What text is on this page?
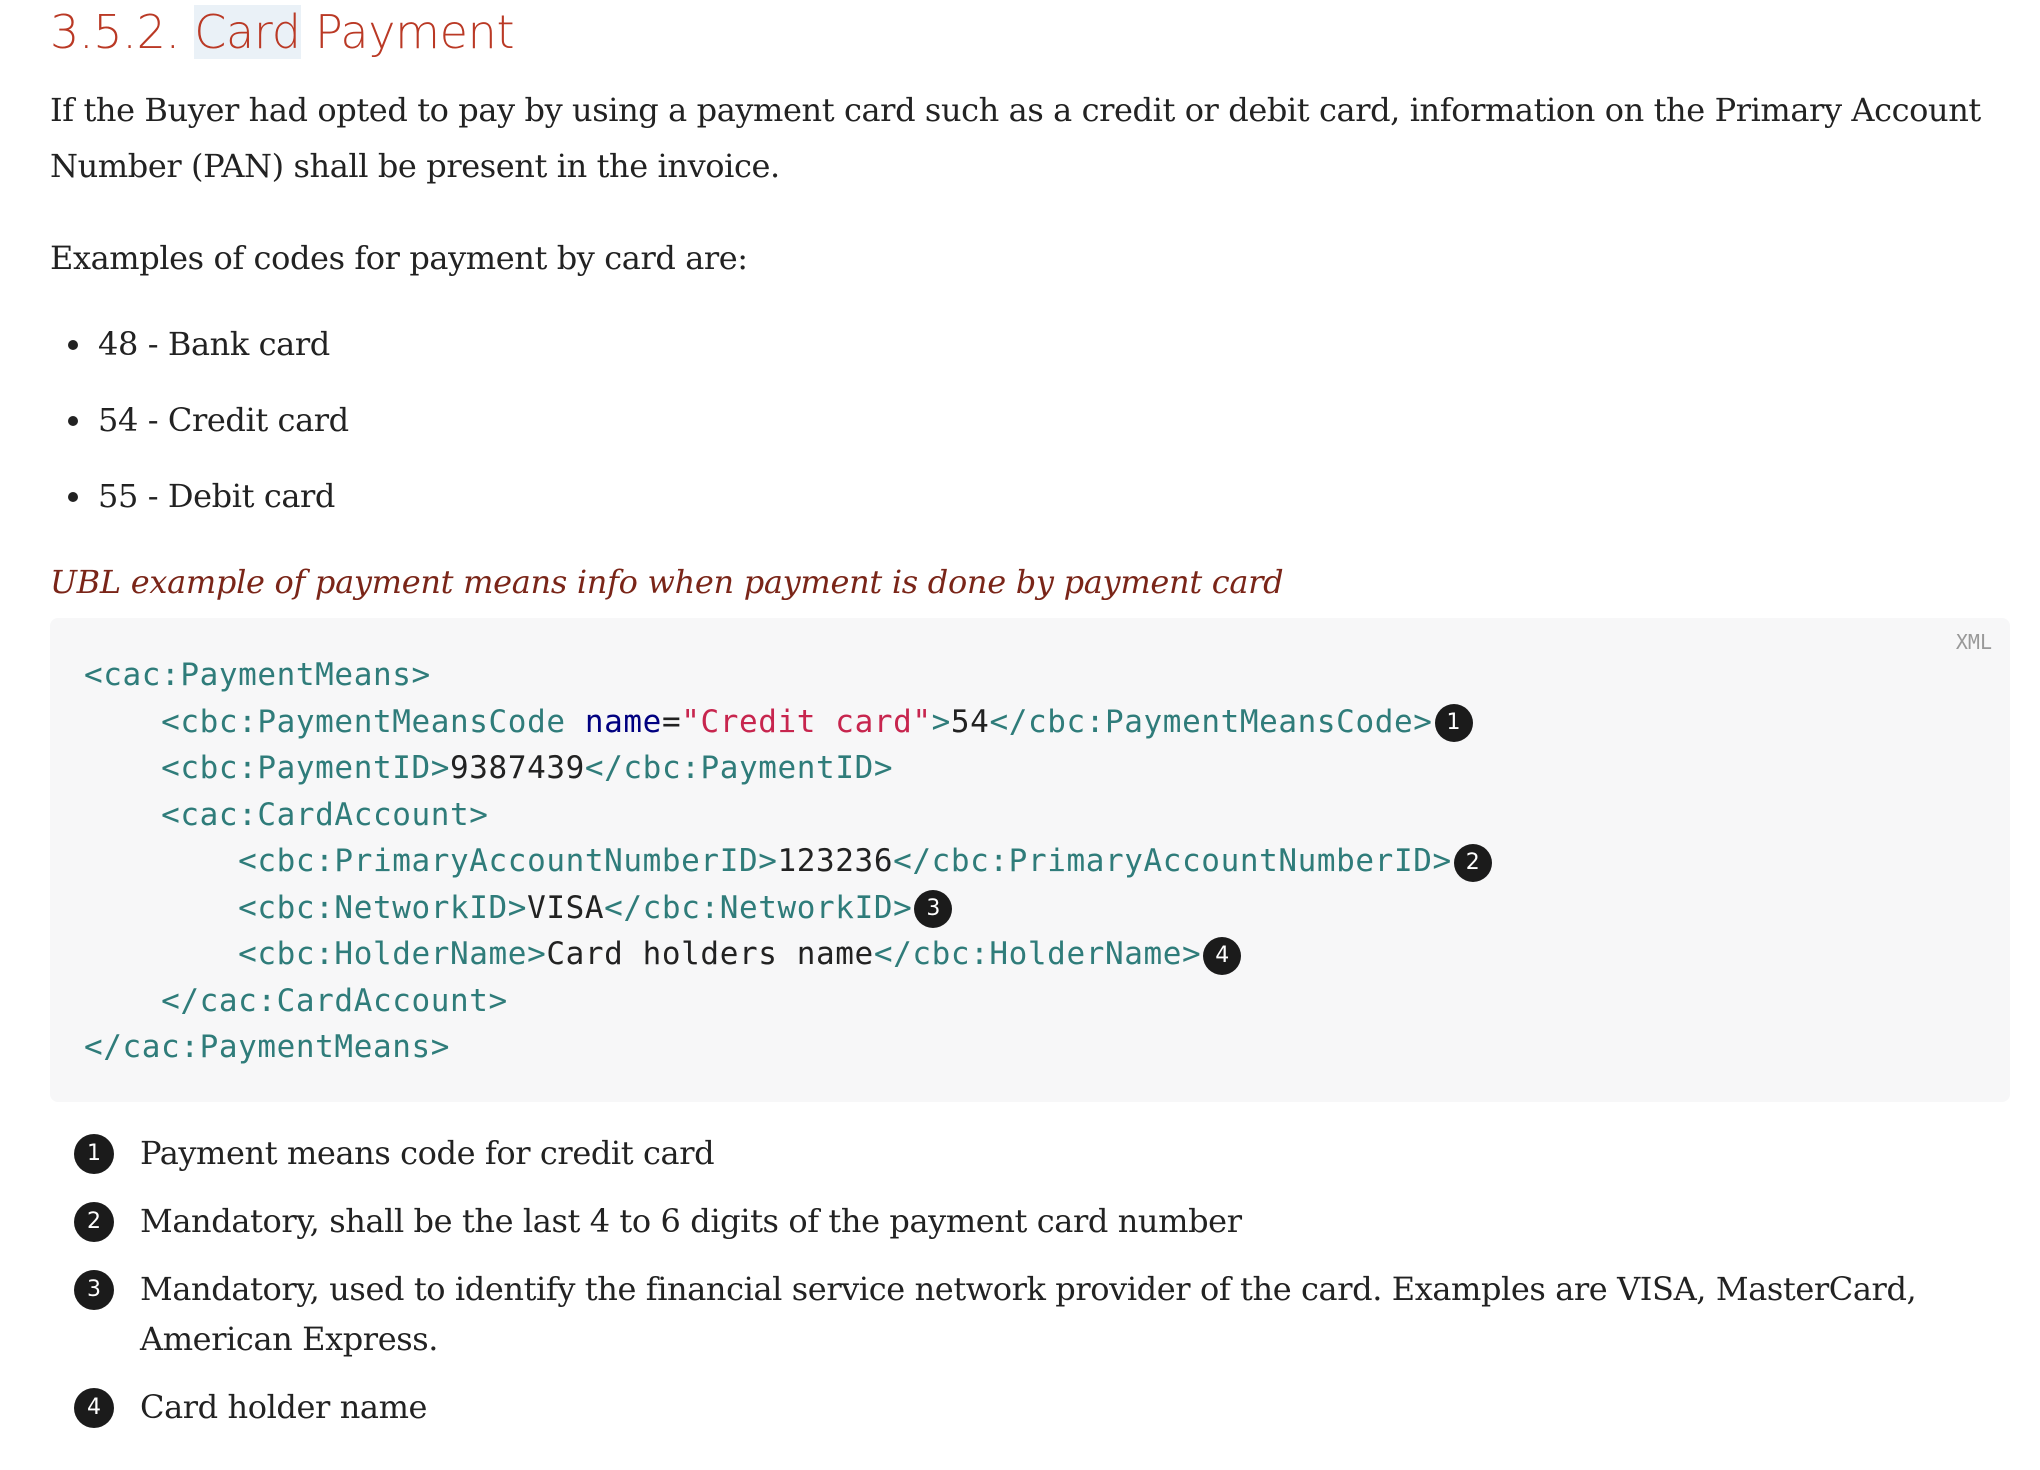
3.5.2. Card Payment

If the Buyer had opted to pay by using a payment card such as a credit or debit card, information on the Primary Account Number (PAN) shall be present in the invoice.

Examples of codes for payment by card are:

48 - Bank card
54 - Credit card
55 - Debit card
UBL example of payment means info when payment is done by payment card
XML
<cac:PaymentMeans>
<cbc:PaymentMeansCode name="Credit card">54</cbc:PaymentMeansCode> 1
<cbc:PaymentID>9387439</cbc:PaymentID>
<cac:CardAccount>
<cbc:PrimaryAccountNumberID>123236</cbc:PrimaryAccountNumberID> 2
<cbc:NetworkID>VISA</cbc:NetworkID> 3
<cbc:HolderName>Card holders name</cbc:HolderName> 4
</cac:CardAccount>
</cac:PaymentMeans>
1	Payment means code for credit card
2	Mandatory, shall be the last 4 to 6 digits of the payment card number
3	Mandatory, used to identify the financial service network provider of the card. Examples are VISA, MasterCard, American Express.
4	Card holder name
